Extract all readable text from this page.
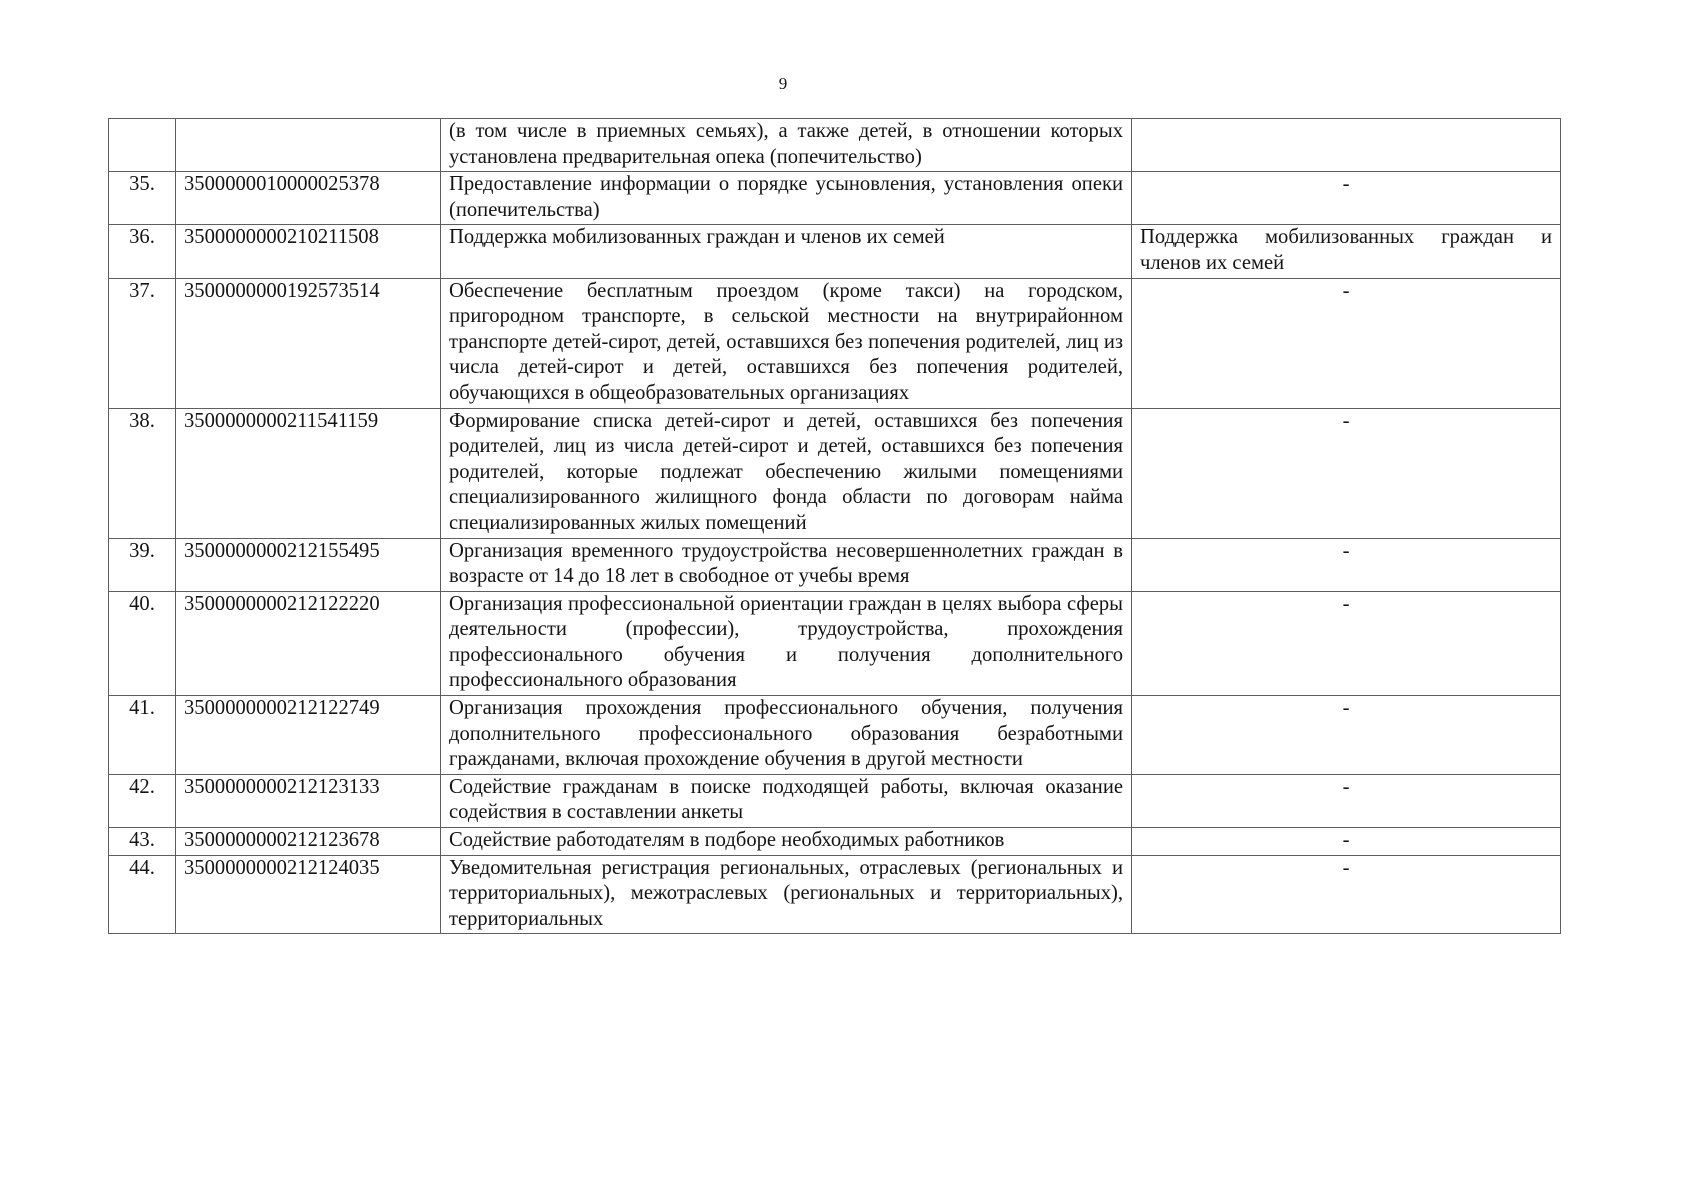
9
		(в том числе в приемных семьях), а также детей, в отношении которых установлена предварительная опека (попечительство)	
35.	3500000010000025378	Предоставление информации о порядке усыновления, установления опеки (попечительства)	-
36.	3500000000210211508	Поддержка мобилизованных граждан и членов их семей	Поддержка мобилизованных граждан и членов их семей
37.	3500000000192573514	Обеспечение бесплатным проездом (кроме такси) на городском, пригородном транспорте, в сельской местности на внутрирайонном транспорте детей-сирот, детей, оставшихся без попечения родителей, лиц из числа детей-сирот и детей, оставшихся без попечения родителей, обучающихся в общеобразовательных организациях	-
38.	3500000000211541159	Формирование списка детей-сирот и детей, оставшихся без попечения родителей, лиц из числа детей-сирот и детей, оставшихся без попечения родителей, которые подлежат обеспечению жилыми помещениями специализированного жилищного фонда области по договорам найма специализированных жилых помещений	-
39.	3500000000212155495	Организация временного трудоустройства несовершеннолетних граждан в возрасте от 14 до 18 лет в свободное от учебы время	-
40.	3500000000212122220	Организация профессиональной ориентации граждан в целях выбора сферы деятельности (профессии), трудоустройства, прохождения профессионального обучения и получения дополнительного профессионального образования	-
41.	3500000000212122749	Организация прохождения профессионального обучения, получения дополнительного профессионального образования безработными гражданами, включая прохождение обучения в другой местности	-
42.	3500000000212123133	Содействие гражданам в поиске подходящей работы, включая оказание содействия в составлении анкеты	-
43.	3500000000212123678	Содействие работодателям в подборе необходимых работников	-
44.	3500000000212124035	Уведомительная регистрация региональных, отраслевых (региональных и территориальных), межотраслевых (региональных и территориальных), территориальных	-
